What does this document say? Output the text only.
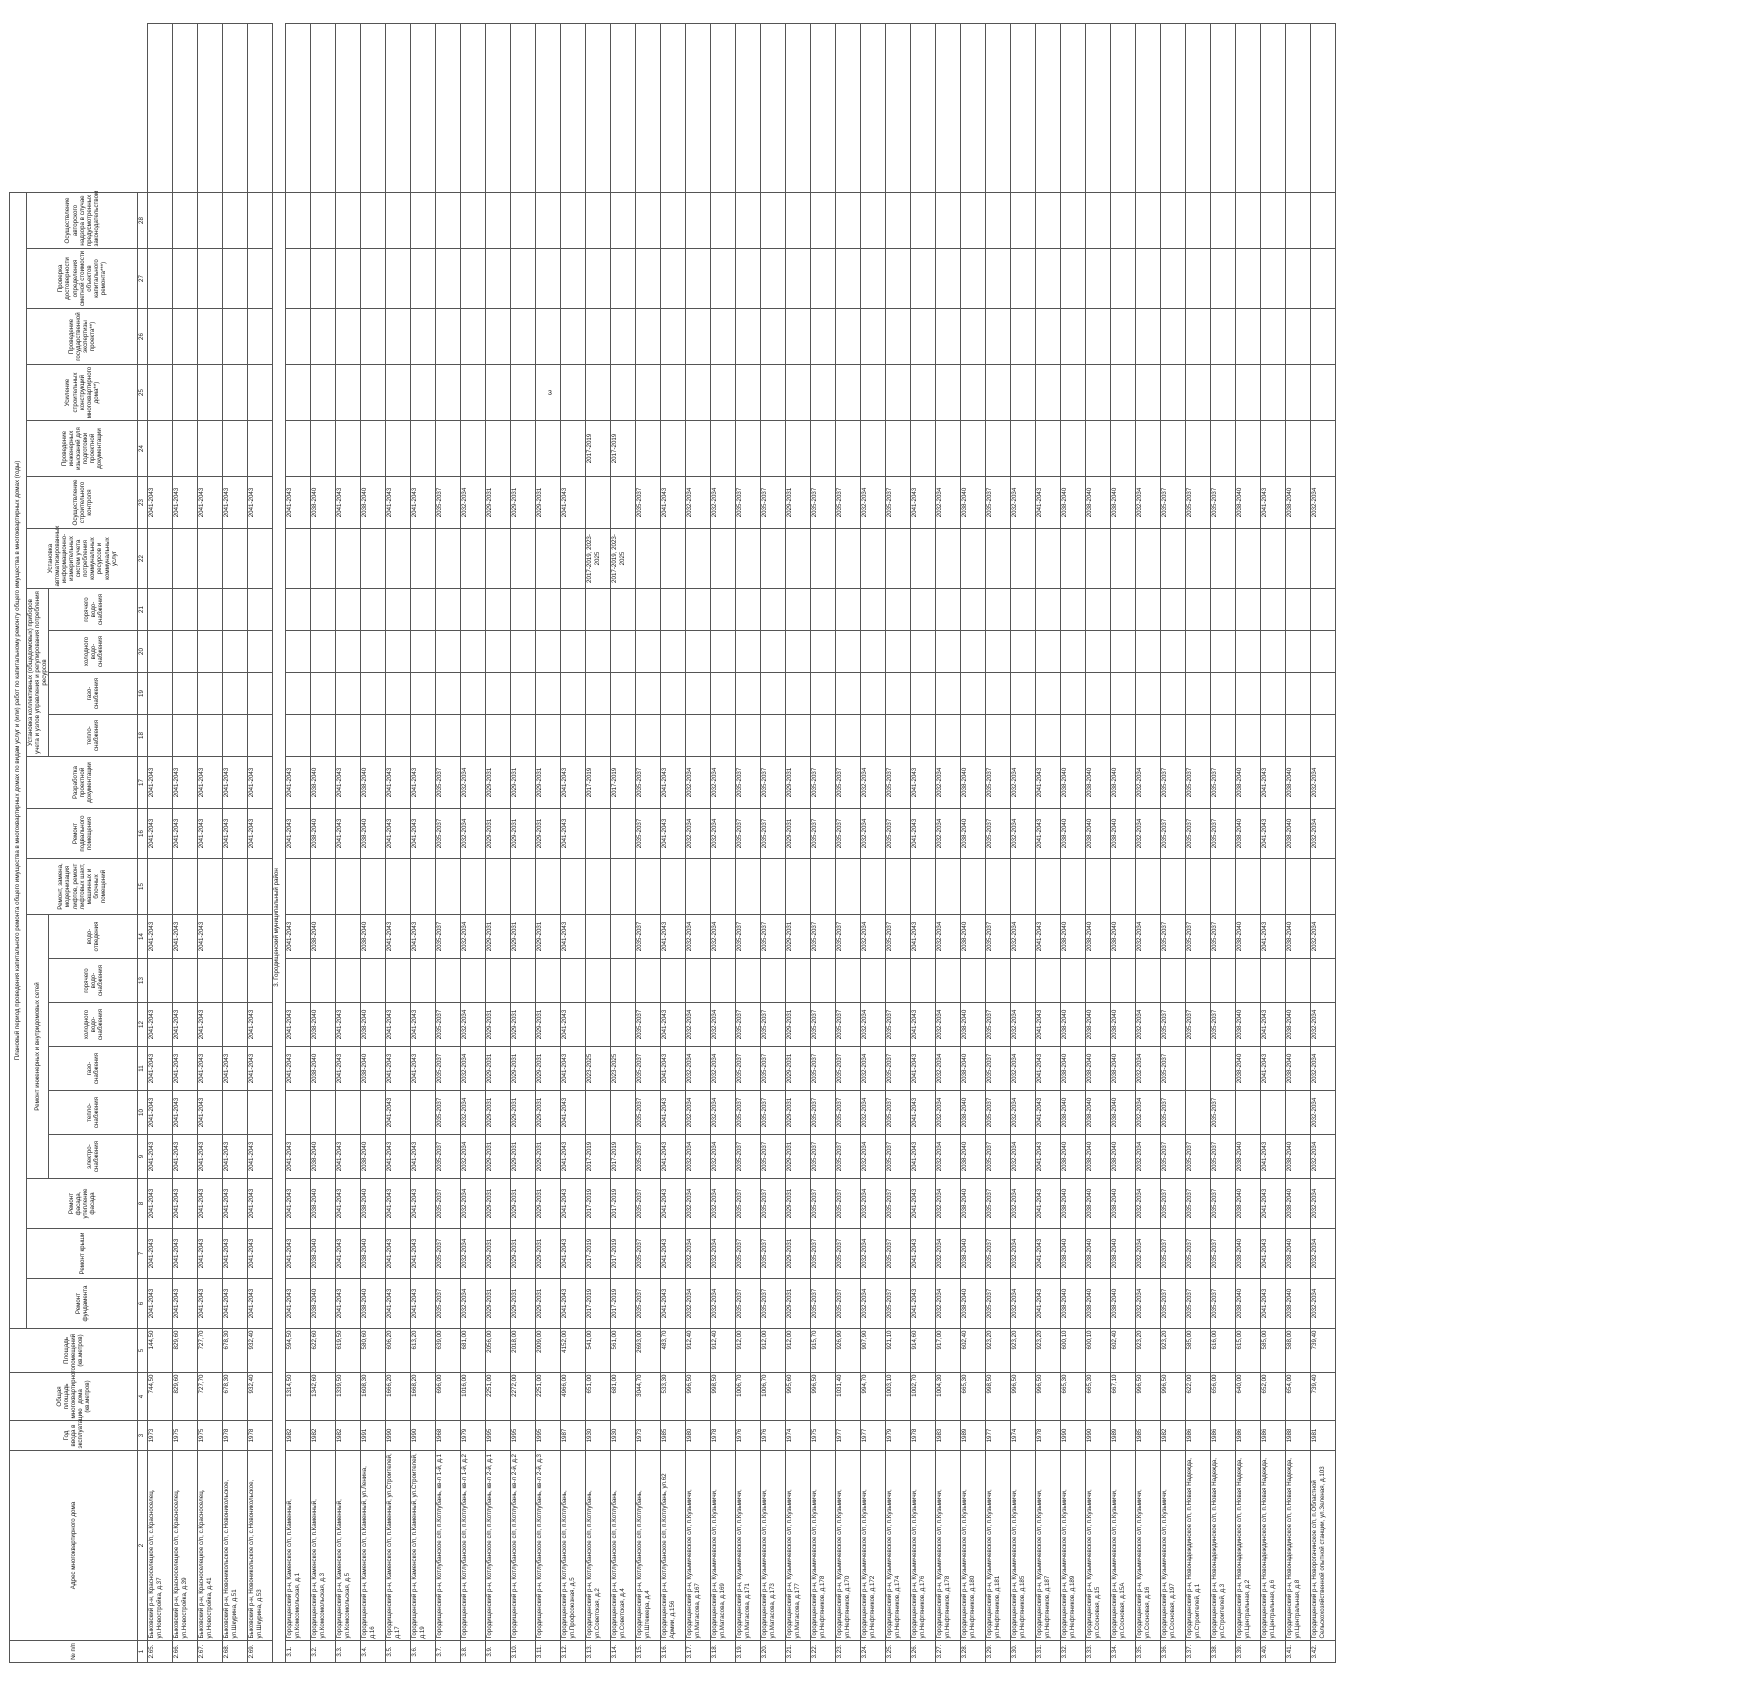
3
№ п/п	Адрес многоквартирного дома	Год ввода в эксплуатацию	Общая площадь многоквартирного дома (кв.метров)	Площадь помещений (кв.метров)	Плановый период проведения капитального ремонта общего имущества в многоквартирных домах по видам услуг и (или) работ по капитальному ремонту общего имущества в многоквартирных домах (годы)																							
					Ремонт фундамента	Ремонт крыши	Ремонт фасада, утепление фасада	Ремонт инженерных и внутридомовых сетей						Ремонт, замена, модернизация лифтов, ремонт лифтовых шахт, машинных и блочных помещений	Ремонт подвального помещения	Разработка проектной документации	Установка коллективных (общедомовых) приборов учета и узлов управления и регулирования потребления ресурсов				Установка автоматизированных информационно-измерительных систем учета потребления коммунальных ресурсов и коммунальных услуг	Осуществление строительного контроля	Проведение инженерных изысканий для подготовки проектной документации	Усиление строительных конструкций многоквартирного дома**)	Проведение государственной экспертизы проекта**)	Проверка достоверности определения сметной стоимости объектов капитального ремонта***)	Осуществление авторского надзора в случае предусмотренных законодательством	
								электро-снабжения	тепло-снабжения	газо-снабжения	холодного водо-снабжения	горячего водо-снабжения	водо-отведения				тепло-снабжения	газо-снабжения	холодного водо-снабжения	горячего водо-снабжения								
1	2	3	4	5	6	7	8	9	10	11	12	13	14	15	16	17	18	19	20	21	22	23	24	25	26	27	28	
2.65.	Быковский р-н, Красноселецкое с/п, с.Красноселец, ул.Новостройка, д.37	1973	744,50	144,50	2041-2043	2041-2043	2041-2043	2041-2043	2041-2043	2041-2043	2041-2043		2041-2043		2041-2043	2041-2043						2041-2043						
2.66.	Быковский р-н, Красноселецкое с/п, с.Красноселец, ул.Новостройка, д.39	1975	829,60	829,60	2041-2043	2041-2043	2041-2043	2041-2043	2041-2043	2041-2043	2041-2043		2041-2043		2041-2043	2041-2043						2041-2043						
2.67.	Быковский р-н, Красноселецкое с/п, с.Красноселец, ул.Новостройка, д.41	1975	727,70	727,70	2041-2043	2041-2043	2041-2043	2041-2043	2041-2043	2041-2043	2041-2043		2041-2043		2041-2043	2041-2043						2041-2043						
2.68.	Быковский р-н, Новоникольское с/п, с.Новоникольское, ул.Шкурина, д.51	1978	678,30	678,30	2041-2043	2041-2043	2041-2043	2041-2043		2041-2043					2041-2043	2041-2043						2041-2043						
2.69.	Быковский р-н, Новоникольское с/п, с.Новоникольское, ул.Шкурина, д.53	1978	932,40	932,40	2041-2043	2041-2043	2041-2043	2041-2043		2041-2043	2041-2043				2041-2043	2041-2043						2041-2043						
3. Городищенский муниципальный район																												
3.1.	Городищенский р-н, Каменское с/п, п.Каменный, ул.Комсомольская, д.1	1982	1314,50	594,50	2041-2043	2041-2043	2041-2043	2041-2043		2041-2043	2041-2043		2041-2043		2041-2043	2041-2043						2041-2043						
3.2.	Городищенский р-н, Каменское с/п, п.Каменный, ул.Комсомольская, д.3	1982	1342,60	622,60	2038-2040	2038-2040	2038-2040	2038-2040		2038-2040	2038-2040		2038-2040		2038-2040	2038-2040						2038-2040						
3.3.	Городищенский р-н, Каменское с/п, п.Каменный, ул.Комсомольская, д.5	1982	1339,50	619,50	2041-2043	2041-2043	2041-2043	2041-2043		2041-2043	2041-2043				2041-2043	2041-2043						2041-2043						
3.4.	Городищенский р-н, Каменское с/п, п.Каменный, ул.Ленина, д.16	1991	1608,30	580,60	2038-2040	2038-2040	2038-2040	2038-2040		2038-2040	2038-2040		2038-2040		2038-2040	2038-2040						2038-2040						
3.5.	Городищенский р-н, Каменское с/п, п.Каменный, ул.Строителей, д.17	1990	1666,20	606,20	2041-2043	2041-2043	2041-2043	2041-2043	2041-2043	2041-2043	2041-2043		2041-2043		2041-2043	2041-2043						2041-2043						
3.6.	Городищенский р-н, Каменское с/п, п.Каменный, ул.Строителей, д.19	1990	1668,20	613,20	2041-2043	2041-2043	2041-2043	2041-2043		2041-2043	2041-2043		2041-2043		2041-2043	2041-2043						2041-2043						
3.7.	Городищенский р-н, Котлубанское с/п, п.Котлубань, кв-л 1-й, д.1	1968	696,00	639,00	2035-2037	2035-2037	2035-2037	2035-2037	2035-2037	2035-2037	2035-2037		2035-2037		2035-2037	2035-2037						2035-2037						
3.8.	Городищенский р-н, Котлубанское с/п, п.Котлубань, кв-л 1-й, д.2	1979	1016,00	681,00	2032-2034	2032-2034	2032-2034	2032-2034	2032-2034	2032-2034	2032-2034		2032-2034		2032-2034	2032-2034						2032-2034						
3.9.	Городищенский р-н, Котлубанское с/п, п.Котлубань, кв-л 2-й, д.1	1995	2251,00	2056,00	2029-2031	2029-2031	2029-2031	2029-2031	2029-2031	2029-2031	2029-2031		2029-2031		2029-2031	2029-2031						2029-2031						
3.10.	Городищенский р-н, Котлубанское с/п, п.Котлубань, кв-л 2-й, д.2	1995	2272,00	2018,00	2029-2031	2029-2031	2029-2031	2029-2031	2029-2031	2029-2031	2029-2031		2029-2031		2029-2031	2029-2031						2029-2031						
3.11.	Городищенский р-н, Котлубанское с/п, п.Котлубань, кв-л 2-й, д.3	1995	2251,00	2009,00	2029-2031	2029-2031	2029-2031	2029-2031	2029-2031	2029-2031	2029-2031		2029-2031		2029-2031	2029-2031						2029-2031						
3.12.	Городищенский р-н, Котлубанское с/п, п.Котлубань, ул.Профсоюзная, д.5	1987	4966,00	4152,00	2041-2043	2041-2043	2041-2043	2041-2043	2041-2043	2041-2043	2041-2043		2041-2043		2041-2043	2041-2043						2041-2043						
3.13.	Городищенский р-н, Котлубанское с/п, п.Котлубань, ул.Советская, д.2	1930	651,00	541,00	2017-2019	2017-2019	2017-2019	2017-2019		2023-2025						2017-2019					2017-2019, 2023-2025		2017-2019					
3.14.	Городищенский р-н, Котлубанское с/п, п.Котлубань, ул.Советская, д.4	1930	681,00	561,00	2017-2019	2017-2019	2017-2019	2017-2019		2023-2025						2017-2019					2017-2019, 2023-2025		2017-2019					
3.15.	Городищенский р-н, Котлубанское с/п, п.Котлубань, ул.Штеккера, д.4	1973	3044,70	2693,00	2035-2037	2035-2037	2035-2037	2035-2037	2035-2037	2035-2037	2035-2037		2035-2037		2035-2037	2035-2037						2035-2037						
3.16.	Городищенский р-н, Котлубанское с/п, п.Котлубань, ул.62 Армии, д.156	1985	533,30	483,70	2041-2043	2041-2043	2041-2043	2041-2043	2041-2043	2041-2043	2041-2043		2041-2043		2041-2043	2041-2043						2041-2043						
3.17.	Городищенский р-н, Кузьмичевское с/п, п.Кузьмичи, ул.Матасова, д.167	1980	996,50	912,40	2032-2034	2032-2034	2032-2034	2032-2034	2032-2034	2032-2034	2032-2034		2032-2034		2032-2034	2032-2034						2032-2034						
3.18.	Городищенский р-н, Кузьмичевское с/п, п.Кузьмичи, ул.Матасова, д.169	1978	998,50	912,40	2032-2034	2032-2034	2032-2034	2032-2034	2032-2034	2032-2034	2032-2034		2032-2034		2032-2034	2032-2034						2032-2034						
3.19.	Городищенский р-н, Кузьмичевское с/п, п.Кузьмичи, ул.Матасова, д.171	1976	1006,70	912,00	2035-2037	2035-2037	2035-2037	2035-2037	2035-2037	2035-2037	2035-2037		2035-2037		2035-2037	2035-2037						2035-2037						
3.20.	Городищенский р-н, Кузьмичевское с/п, п.Кузьмичи, ул.Матасова, д.173	1976	1006,70	912,00	2035-2037	2035-2037	2035-2037	2035-2037	2035-2037	2035-2037	2035-2037		2035-2037		2035-2037	2035-2037						2035-2037						
3.21.	Городищенский р-н, Кузьмичевское с/п, п.Кузьмичи, ул.Матасова, д.177	1974	995,60	912,00	2029-2031	2029-2031	2029-2031	2029-2031	2029-2031	2029-2031	2029-2031		2029-2031		2029-2031	2029-2031						2029-2031						
3.22.	Городищенский р-н, Кузьмичевское с/п, п.Кузьмичи, ул.Нефтяников, д.178	1975	996,50	915,70	2035-2037	2035-2037	2035-2037	2035-2037	2035-2037	2035-2037	2035-2037		2035-2037		2035-2037	2035-2037						2035-2037						
3.23.	Городищенский р-н, Кузьмичевское с/п, п.Кузьмичи, ул.Нефтяников, д.170	1977	1031,40	926,90	2035-2037	2035-2037	2035-2037	2035-2037	2035-2037	2035-2037	2035-2037		2035-2037		2035-2037	2035-2037						2035-2037						
3.24.	Городищенский р-н, Кузьмичевское с/п, п.Кузьмичи, ул.Нефтяников, д.172	1977	994,70	907,90	2032-2034	2032-2034	2032-2034	2032-2034	2032-2034	2032-2034	2032-2034		2032-2034		2032-2034	2032-2034						2032-2034						
3.25.	Городищенский р-н, Кузьмичевское с/п, п.Кузьмичи, ул.Нефтяников, д.174	1979	1003,10	921,10	2035-2037	2035-2037	2035-2037	2035-2037	2035-2037	2035-2037	2035-2037		2035-2037		2035-2037	2035-2037						2035-2037						
3.26.	Городищенский р-н, Кузьмичевское с/п, п.Кузьмичи, ул.Нефтяников, д.176	1978	1002,70	914,60	2041-2043	2041-2043	2041-2043	2041-2043	2041-2043	2041-2043	2041-2043		2041-2043		2041-2043	2041-2043						2041-2043						
3.27.	Городищенский р-н, Кузьмичевское с/п, п.Кузьмичи, ул.Нефтяников, д.178	1983	1004,30	917,00	2032-2034	2032-2034	2032-2034	2032-2034	2032-2034	2032-2034	2032-2034		2032-2034		2032-2034	2032-2034						2032-2034						
3.28.	Городищенский р-н, Кузьмичевское с/п, п.Кузьмичи, ул.Нефтяников, д.180	1989	665,30	602,40	2038-2040	2038-2040	2038-2040	2038-2040	2038-2040	2038-2040	2038-2040		2038-2040		2038-2040	2038-2040						2038-2040						
3.29.	Городищенский р-н, Кузьмичевское с/п, п.Кузьмичи, ул.Нефтяников, д.181	1977	998,50	923,20	2035-2037	2035-2037	2035-2037	2035-2037	2035-2037	2035-2037	2035-2037		2035-2037		2035-2037	2035-2037						2035-2037						
3.30.	Городищенский р-н, Кузьмичевское с/п, п.Кузьмичи, ул.Нефтяников, д.185	1974	996,50	923,20	2032-2034	2032-2034	2032-2034	2032-2034	2032-2034	2032-2034	2032-2034		2032-2034		2032-2034	2032-2034						2032-2034						
3.31.	Городищенский р-н, Кузьмичевское с/п, п.Кузьмичи, ул.Нефтяников, д.187	1978	996,50	923,20	2041-2043	2041-2043	2041-2043	2041-2043	2041-2043	2041-2043	2041-2043		2041-2043		2041-2043	2041-2043						2041-2043						
3.32.	Городищенский р-н, Кузьмичевское с/п, п.Кузьмичи, ул.Нефтяников, д.189	1990	665,30	600,10	2038-2040	2038-2040	2038-2040	2038-2040	2038-2040	2038-2040	2038-2040		2038-2040		2038-2040	2038-2040						2038-2040						
3.33.	Городищенский р-н, Кузьмичевское с/п, п.Кузьмичи, ул.Сосновая, д.15	1990	665,30	600,10	2038-2040	2038-2040	2038-2040	2038-2040	2038-2040	2038-2040	2038-2040		2038-2040		2038-2040	2038-2040						2038-2040						
3.34.	Городищенский р-н, Кузьмичевское с/п, п.Кузьмичи, ул.Сосновая, д.15А	1989	667,10	602,40	2038-2040	2038-2040	2038-2040	2038-2040	2038-2040	2038-2040	2038-2040		2038-2040		2038-2040	2038-2040						2038-2040						
3.35.	Городищенский р-н, Кузьмичевское с/п, п.Кузьмичи, ул.Сосновая, д.16	1985	996,50	923,20	2032-2034	2032-2034	2032-2034	2032-2034	2032-2034	2032-2034	2032-2034		2032-2034		2032-2034	2032-2034						2032-2034						
3.36.	Городищенский р-н, Кузьмичевское с/п, п.Кузьмичи, ул.Сосновая, д.197	1982	996,50	923,20	2035-2037	2035-2037	2035-2037	2035-2037	2035-2037	2035-2037	2035-2037		2035-2037		2035-2037	2035-2037						2035-2037						
3.37.	Городищенский р-н, Новонадеждинское с/п, п.Новая Надежда, ул.Строителей, д.1	1986	622,00	585,00	2035-2037	2035-2037	2035-2037	2035-2037			2035-2037		2035-2037		2035-2037	2035-2037						2035-2037						
3.38.	Городищенский р-н, Новонадеждинское с/п, п.Новая Надежда, ул.Строителей, д.3	1986	656,00	616,00	2035-2037	2035-2037	2035-2037	2035-2037	2035-2037		2035-2037		2035-2037		2035-2037	2035-2037						2035-2037						
3.39.	Городищенский р-н, Новонадеждинское с/п, п.Новая Надежда, ул.Центральная, д.2	1986	640,00	615,00	2038-2040	2038-2040	2038-2040	2038-2040		2038-2040	2038-2040		2038-2040		2038-2040	2038-2040						2038-2040						
3.40.	Городищенский р-н, Новонадеждинское с/п, п.Новая Надежда, ул.Центральная, д.6	1986	652,00	585,00	2041-2043	2041-2043	2041-2043	2041-2043		2041-2043	2041-2043		2041-2043		2041-2043	2041-2043						2041-2043						
3.41.	Городищенский р-н, Новонадеждинское с/п, п.Новая Надежда, ул.Центральная, д.8	1988	654,00	588,00	2038-2040	2038-2040	2038-2040	2038-2040		2038-2040	2038-2040		2038-2040		2038-2040	2038-2040						2038-2040						
3.42.	Городищенский р-н, Новорогачинское с/п, п.Областной Сельскохозяйственной опытной станции, ул.Зеленая, д.103	1981	739,40	739,40	2032-2034	2032-2034	2032-2034	2032-2034	2032-2034	2032-2034	2032-2034		2032-2034		2032-2034	2032-2034						2032-2034						
